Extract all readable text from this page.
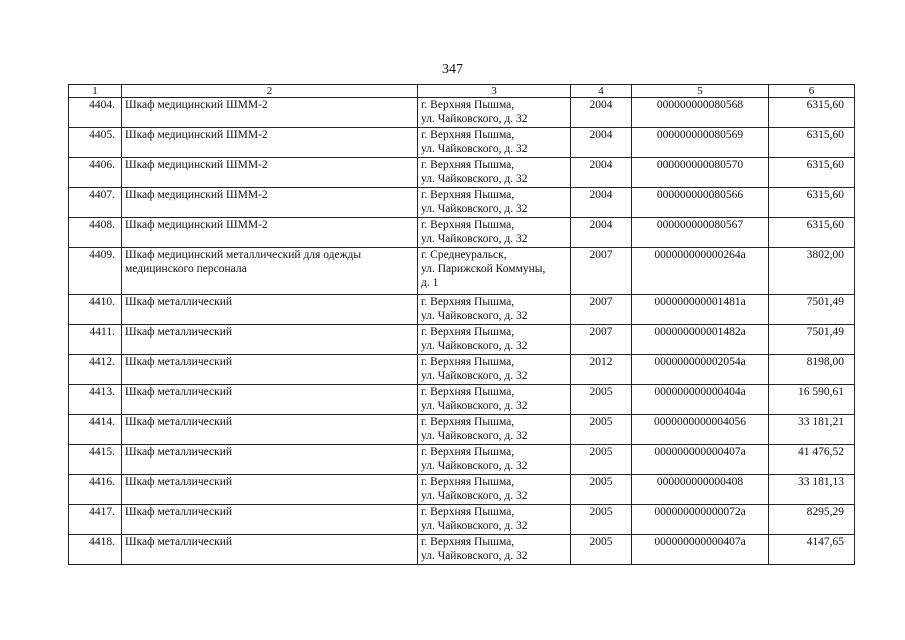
347
1	2	3	4	5	6
4404.	Шкаф медицинский ШММ-2	г. Верхняя Пышма,
ул. Чайковского, д. 32	2004	000000000080568	6315,60
4405.	Шкаф медицинский ШММ-2	г. Верхняя Пышма,
ул. Чайковского, д. 32	2004	000000000080569	6315,60
4406.	Шкаф медицинский ШММ-2	г. Верхняя Пышма,
ул. Чайковского, д. 32	2004	000000000080570	6315,60
4407.	Шкаф медицинский ШММ-2	г. Верхняя Пышма,
ул. Чайковского, д. 32	2004	000000000080566	6315,60
4408.	Шкаф медицинский ШММ-2	г. Верхняя Пышма,
ул. Чайковского, д. 32	2004	000000000080567	6315,60
4409.	Шкаф медицинский металлический для одежды медицинского персонала	г. Среднеуральск,
ул. Парижской Коммуны,
д. 1	2007	000000000000264а	3802,00
4410.	Шкаф металлический	г. Верхняя Пышма,
ул. Чайковского, д. 32	2007	000000000001481а	7501,49
4411.	Шкаф металлический	г. Верхняя Пышма,
ул. Чайковского, д. 32	2007	000000000001482а	7501,49
4412.	Шкаф металлический	г. Верхняя Пышма,
ул. Чайковского, д. 32	2012	000000000002054а	8198,00
4413.	Шкаф металлический	г. Верхняя Пышма,
ул. Чайковского, д. 32	2005	000000000000404а	16 590,61
4414.	Шкаф металлический	г. Верхняя Пышма,
ул. Чайковского, д. 32	2005	0000000000004056	33 181,21
4415.	Шкаф металлический	г. Верхняя Пышма,
ул. Чайковского, д. 32	2005	000000000000407а	41 476,52
4416.	Шкаф металлический	г. Верхняя Пышма,
ул. Чайковского, д. 32	2005	000000000000408	33 181,13
4417.	Шкаф металлический	г. Верхняя Пышма,
ул. Чайковского, д. 32	2005	000000000000072а	8295,29
4418.	Шкаф металлический	г. Верхняя Пышма,
ул. Чайковского, д. 32	2005	000000000000407а	4147,65
